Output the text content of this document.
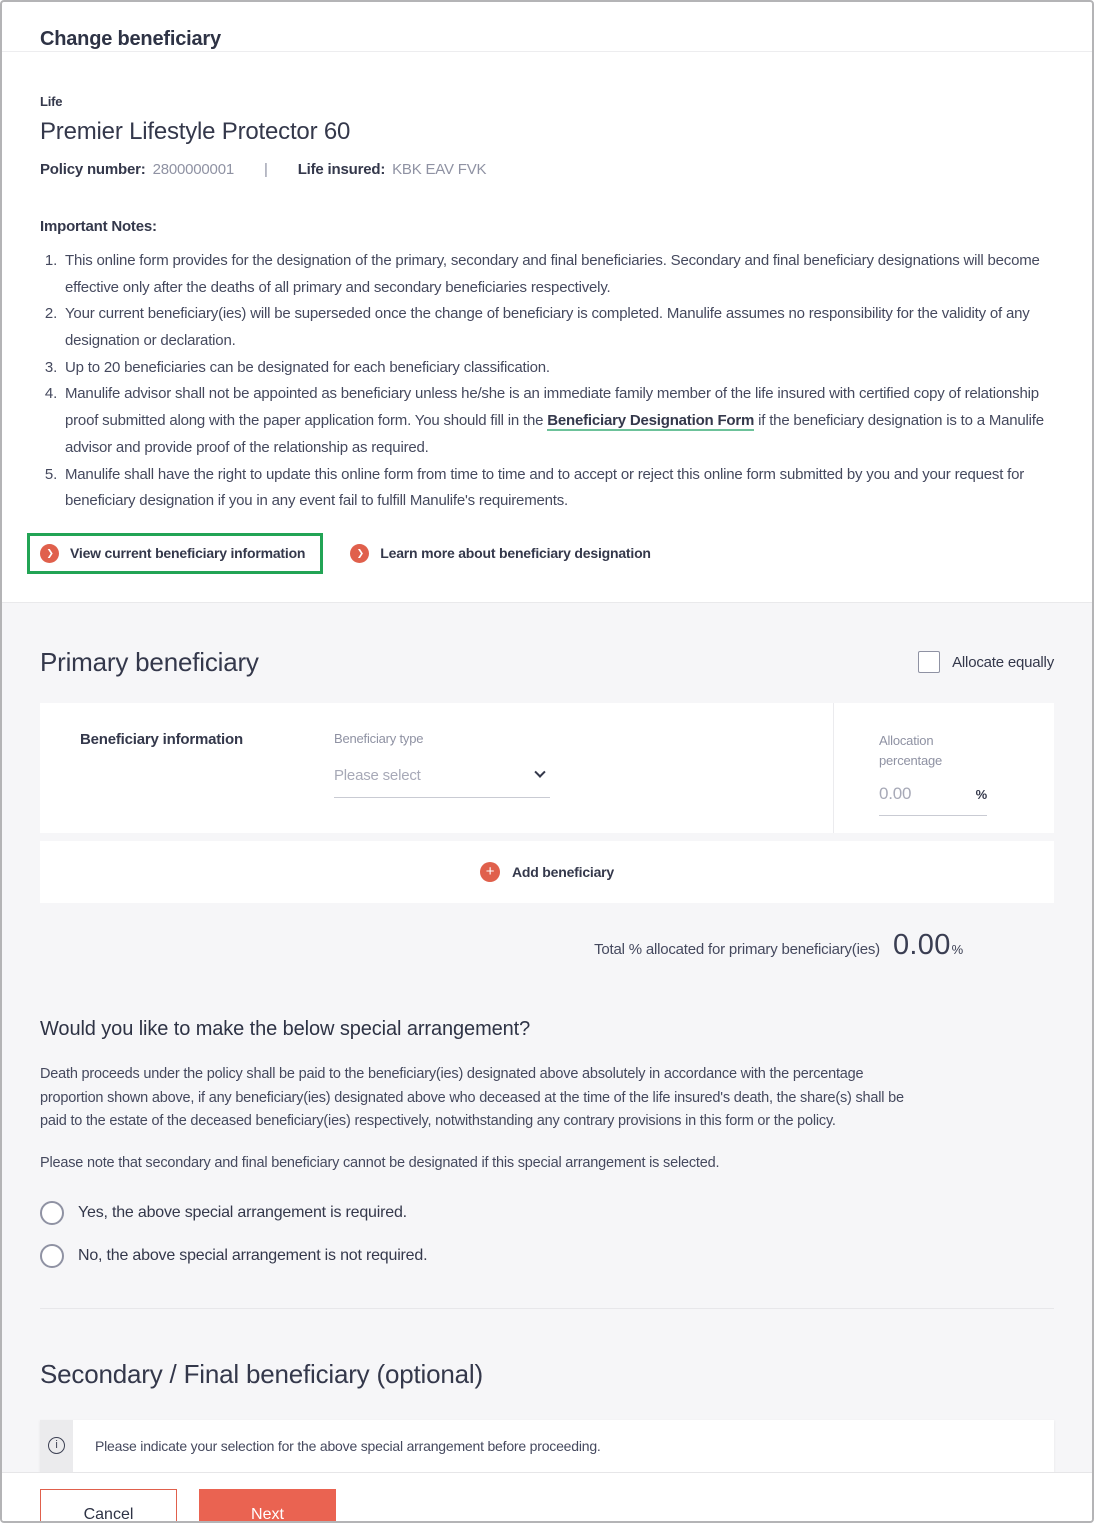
Change beneficiary
Life
Premier Lifestyle Protector 60
Policy number: 2800000001 | Life insured: KBK EAV FVK
Important Notes:
1. This online form provides for the designation of the primary, secondary and final beneficiaries. Secondary and final beneficiary designations will become effective only after the deaths of all primary and secondary beneficiaries respectively.
2. Your current beneficiary(ies) will be superseded once the change of beneficiary is completed. Manulife assumes no responsibility for the validity of any designation or declaration.
3. Up to 20 beneficiaries can be designated for each beneficiary classification.
4. Manulife advisor shall not be appointed as beneficiary unless he/she is an immediate family member of the life insured with certified copy of relationship proof submitted along with the paper application form. You should fill in the Beneficiary Designation Form if the beneficiary designation is to a Manulife advisor and provide proof of the relationship as required.
5. Manulife shall have the right to update this online form from time to time and to accept or reject this online form submitted by you and your request for beneficiary designation if you in any event fail to fulfill Manulife's requirements.
❯ View current beneficiary information	❯ Learn more about beneficiary designation
Primary beneficiary	Allocate equally
Beneficiary information	Beneficiary type
Please select
Allocation percentage
0.00	%
+	Add beneficiary
Total % allocated for primary beneficiary(ies) 0.00 %
Would you like to make the below special arrangement?
Death proceeds under the policy shall be paid to the beneficiary(ies) designated above absolutely in accordance with the percentage proportion shown above, if any beneficiary(ies) designated above who deceased at the time of the life insured's death, the share(s) shall be paid to the estate of the deceased beneficiary(ies) respectively, notwithstanding any contrary provisions in this form or the policy.
Please note that secondary and final beneficiary cannot be designated if this special arrangement is selected.
Yes, the above special arrangement is required.
No, the above special arrangement is not required.
Secondary / Final beneficiary (optional)
i	Please indicate your selection for the above special arrangement before proceeding.
Cancel	Next
